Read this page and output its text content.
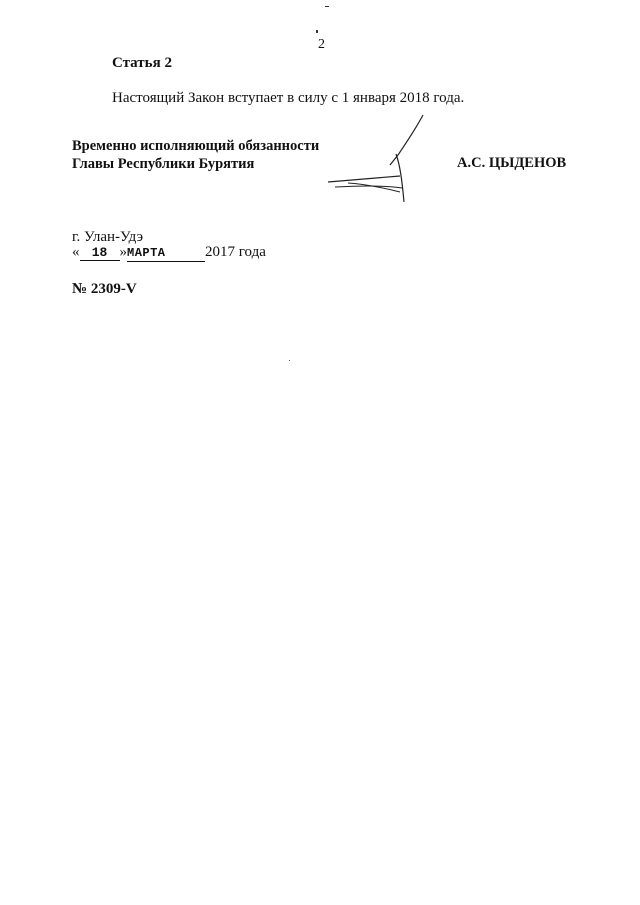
2
Статья 2
Настоящий Закон вступает в силу с 1 января 2018 года.
Временно исполняющий обязанности
Главы Республики Бурятия	А.С. ЦЫДЕНОВ
г. Улан-Удэ
« 18 »МАРТА	2017 года
№ 2309-V
